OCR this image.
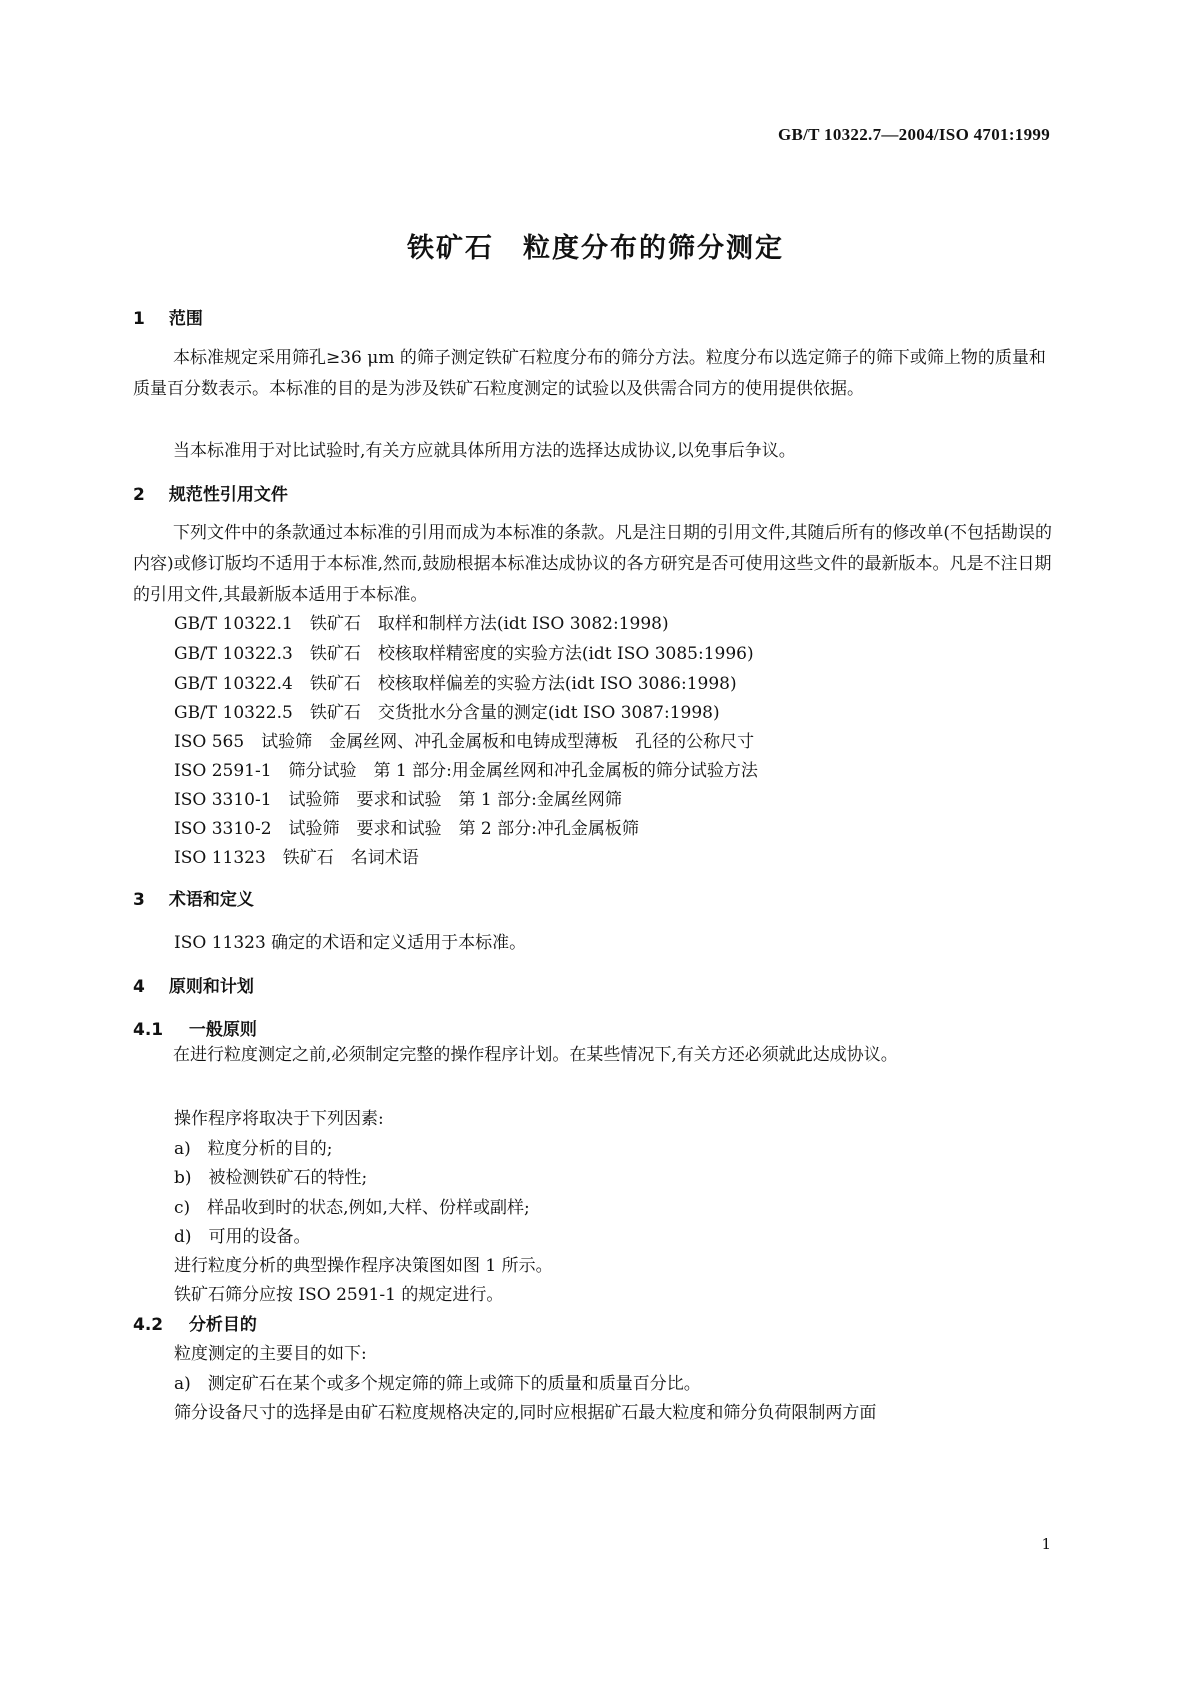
GB/T 10322.7—2004/ISO 4701:1999
铁矿石　粒度分布的筛分测定
1 范围

本标准规定采用筛孔≥36 μm 的筛子测定铁矿石粒度分布的筛分方法。粒度分布以选定筛子的筛下或筛上物的质量和质量百分数表示。本标准的目的是为涉及铁矿石粒度测定的试验以及供需合同方的使用提供依据。

当本标准用于对比试验时,有关方应就具体所用方法的选择达成协议,以免事后争议。

2 规范性引用文件

下列文件中的条款通过本标准的引用而成为本标准的条款。凡是注日期的引用文件,其随后所有的修改单(不包括勘误的内容)或修订版均不适用于本标准,然而,鼓励根据本标准达成协议的各方研究是否可使用这些文件的最新版本。凡是不注日期的引用文件,其最新版本适用于本标准。

GB/T 10322.1　铁矿石　取样和制样方法(idt ISO 3082:1998)
GB/T 10322.3　铁矿石　校核取样精密度的实验方法(idt ISO 3085:1996)
GB/T 10322.4　铁矿石　校核取样偏差的实验方法(idt ISO 3086:1998)
GB/T 10322.5　铁矿石　交货批水分含量的测定(idt ISO 3087:1998)
ISO 565　试验筛　金属丝网、冲孔金属板和电铸成型薄板　孔径的公称尺寸
ISO 2591-1　筛分试验　第 1 部分:用金属丝网和冲孔金属板的筛分试验方法
ISO 3310-1　试验筛　要求和试验　第 1 部分:金属丝网筛
ISO 3310-2　试验筛　要求和试验　第 2 部分:冲孔金属板筛
ISO 11323　铁矿石　名词术语
3 术语和定义
ISO 11323 确定的术语和定义适用于本标准。
4 原则和计划
4.1 一般原则

在进行粒度测定之前,必须制定完整的操作程序计划。在某些情况下,有关方还必须就此达成协议。

操作程序将取决于下列因素:
a)　粒度分析的目的;
b)　被检测铁矿石的特性;
c)　样品收到时的状态,例如,大样、份样或副样;
d)　可用的设备。
进行粒度分析的典型操作程序决策图如图 1 所示。
铁矿石筛分应按 ISO 2591-1 的规定进行。
4.2 分析目的
粒度测定的主要目的如下:
a)　测定矿石在某个或多个规定筛的筛上或筛下的质量和质量百分比。
筛分设备尺寸的选择是由矿石粒度规格决定的,同时应根据矿石最大粒度和筛分负荷限制两方面
1
